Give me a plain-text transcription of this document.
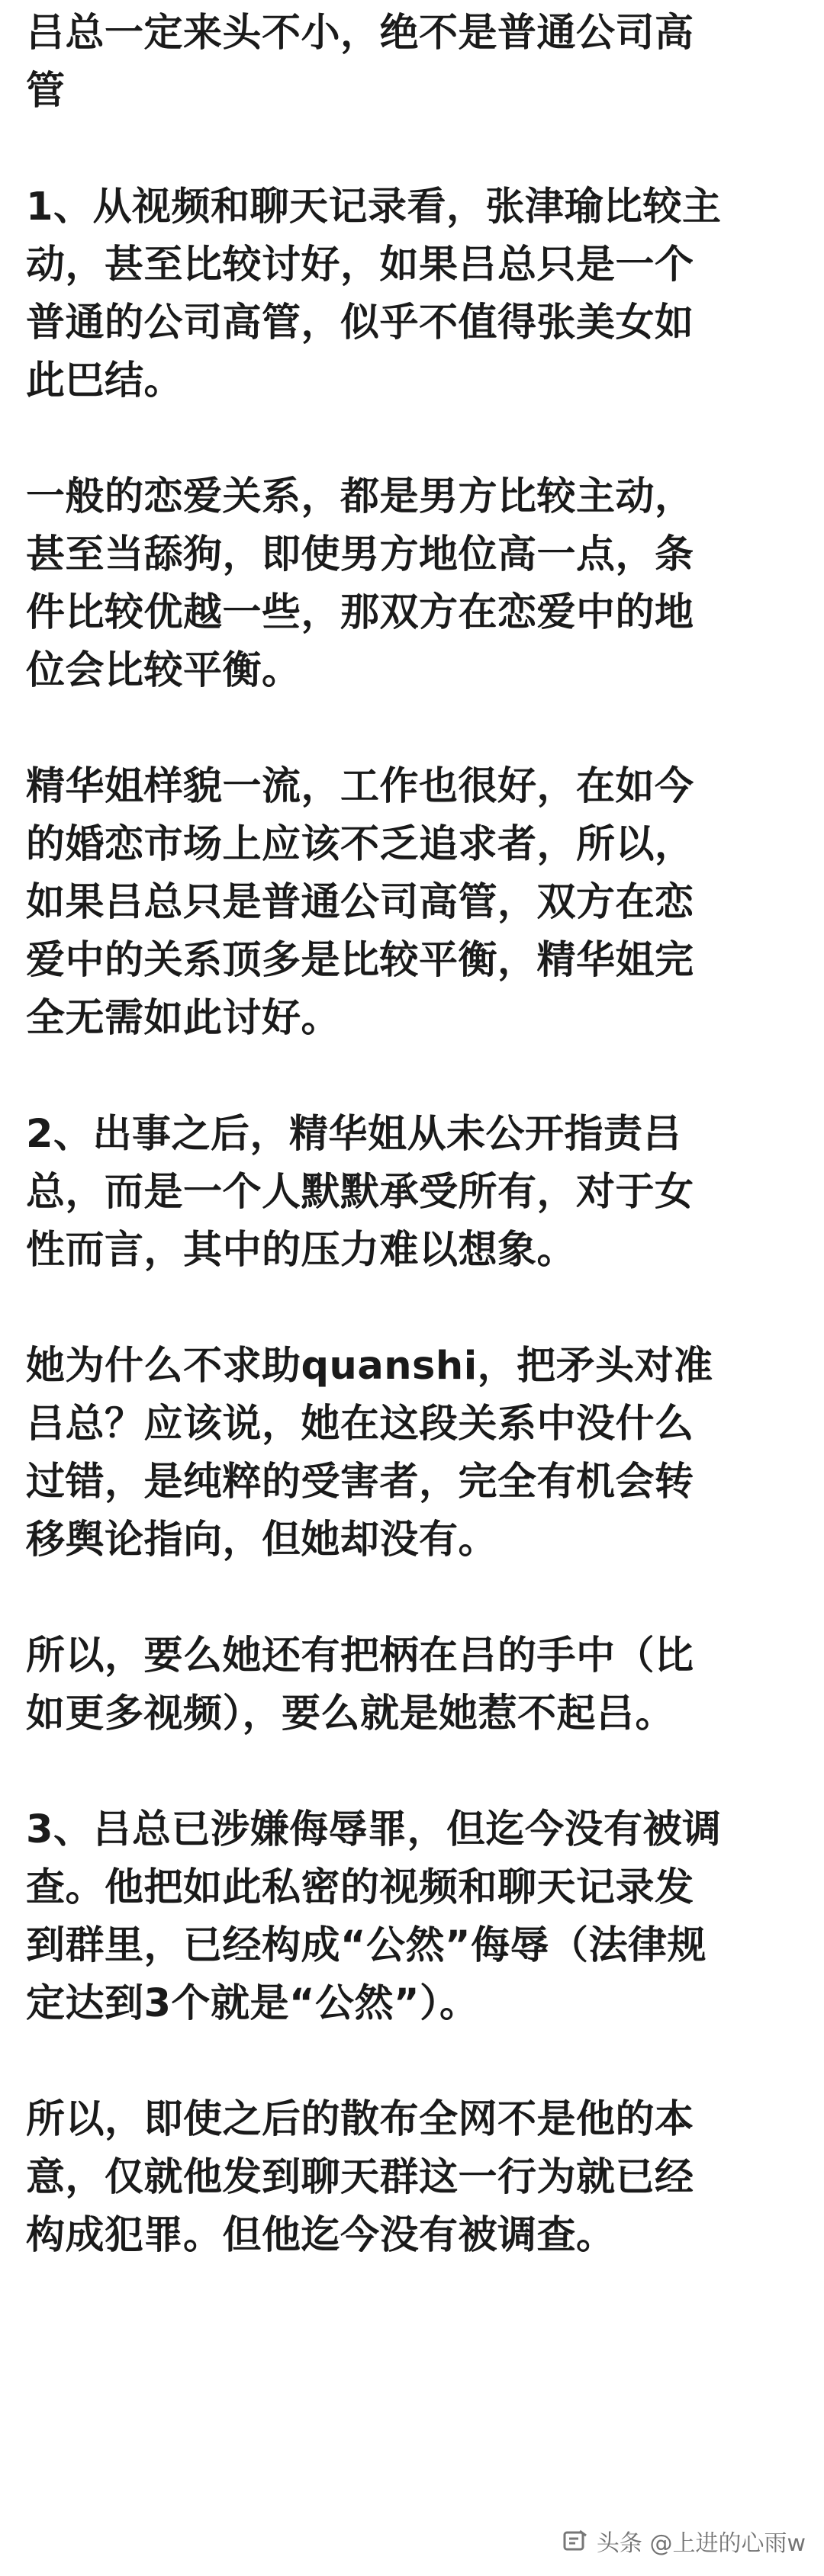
吕总一定来头不小，绝不是普通公司高
管

1、从视频和聊天记录看，张津瑜比较主
动，甚至比较讨好，如果吕总只是一个
普通的公司高管，似乎不值得张美女如
此巴结。

一般的恋爱关系，都是男方比较主动，
甚至当舔狗，即使男方地位高一点，条
件比较优越一些，那双方在恋爱中的地
位会比较平衡。

精华姐样貌一流，工作也很好，在如今
的婚恋市场上应该不乏追求者，所以，
如果吕总只是普通公司高管，双方在恋
爱中的关系顶多是比较平衡，精华姐完
全无需如此讨好。

2、出事之后，精华姐从未公开指责吕
总，而是一个人默默承受所有，对于女
性而言，其中的压力难以想象。

她为什么不求助quanshi，把矛头对准
吕总？应该说，她在这段关系中没什么
过错，是纯粹的受害者，完全有机会转
移舆论指向，但她却没有。

所以，要么她还有把柄在吕的手中（比
如更多视频），要么就是她惹不起吕。

3、吕总已涉嫌侮辱罪，但迄今没有被调
查。他把如此私密的视频和聊天记录发
到群里，已经构成“公然”侮辱（法律规
定达到3个就是“公然”）。

所以，即使之后的散布全网不是他的本
意，仅就他发到聊天群这一行为就已经
构成犯罪。但他迄今没有被调查。

头条 @上进的心雨w
